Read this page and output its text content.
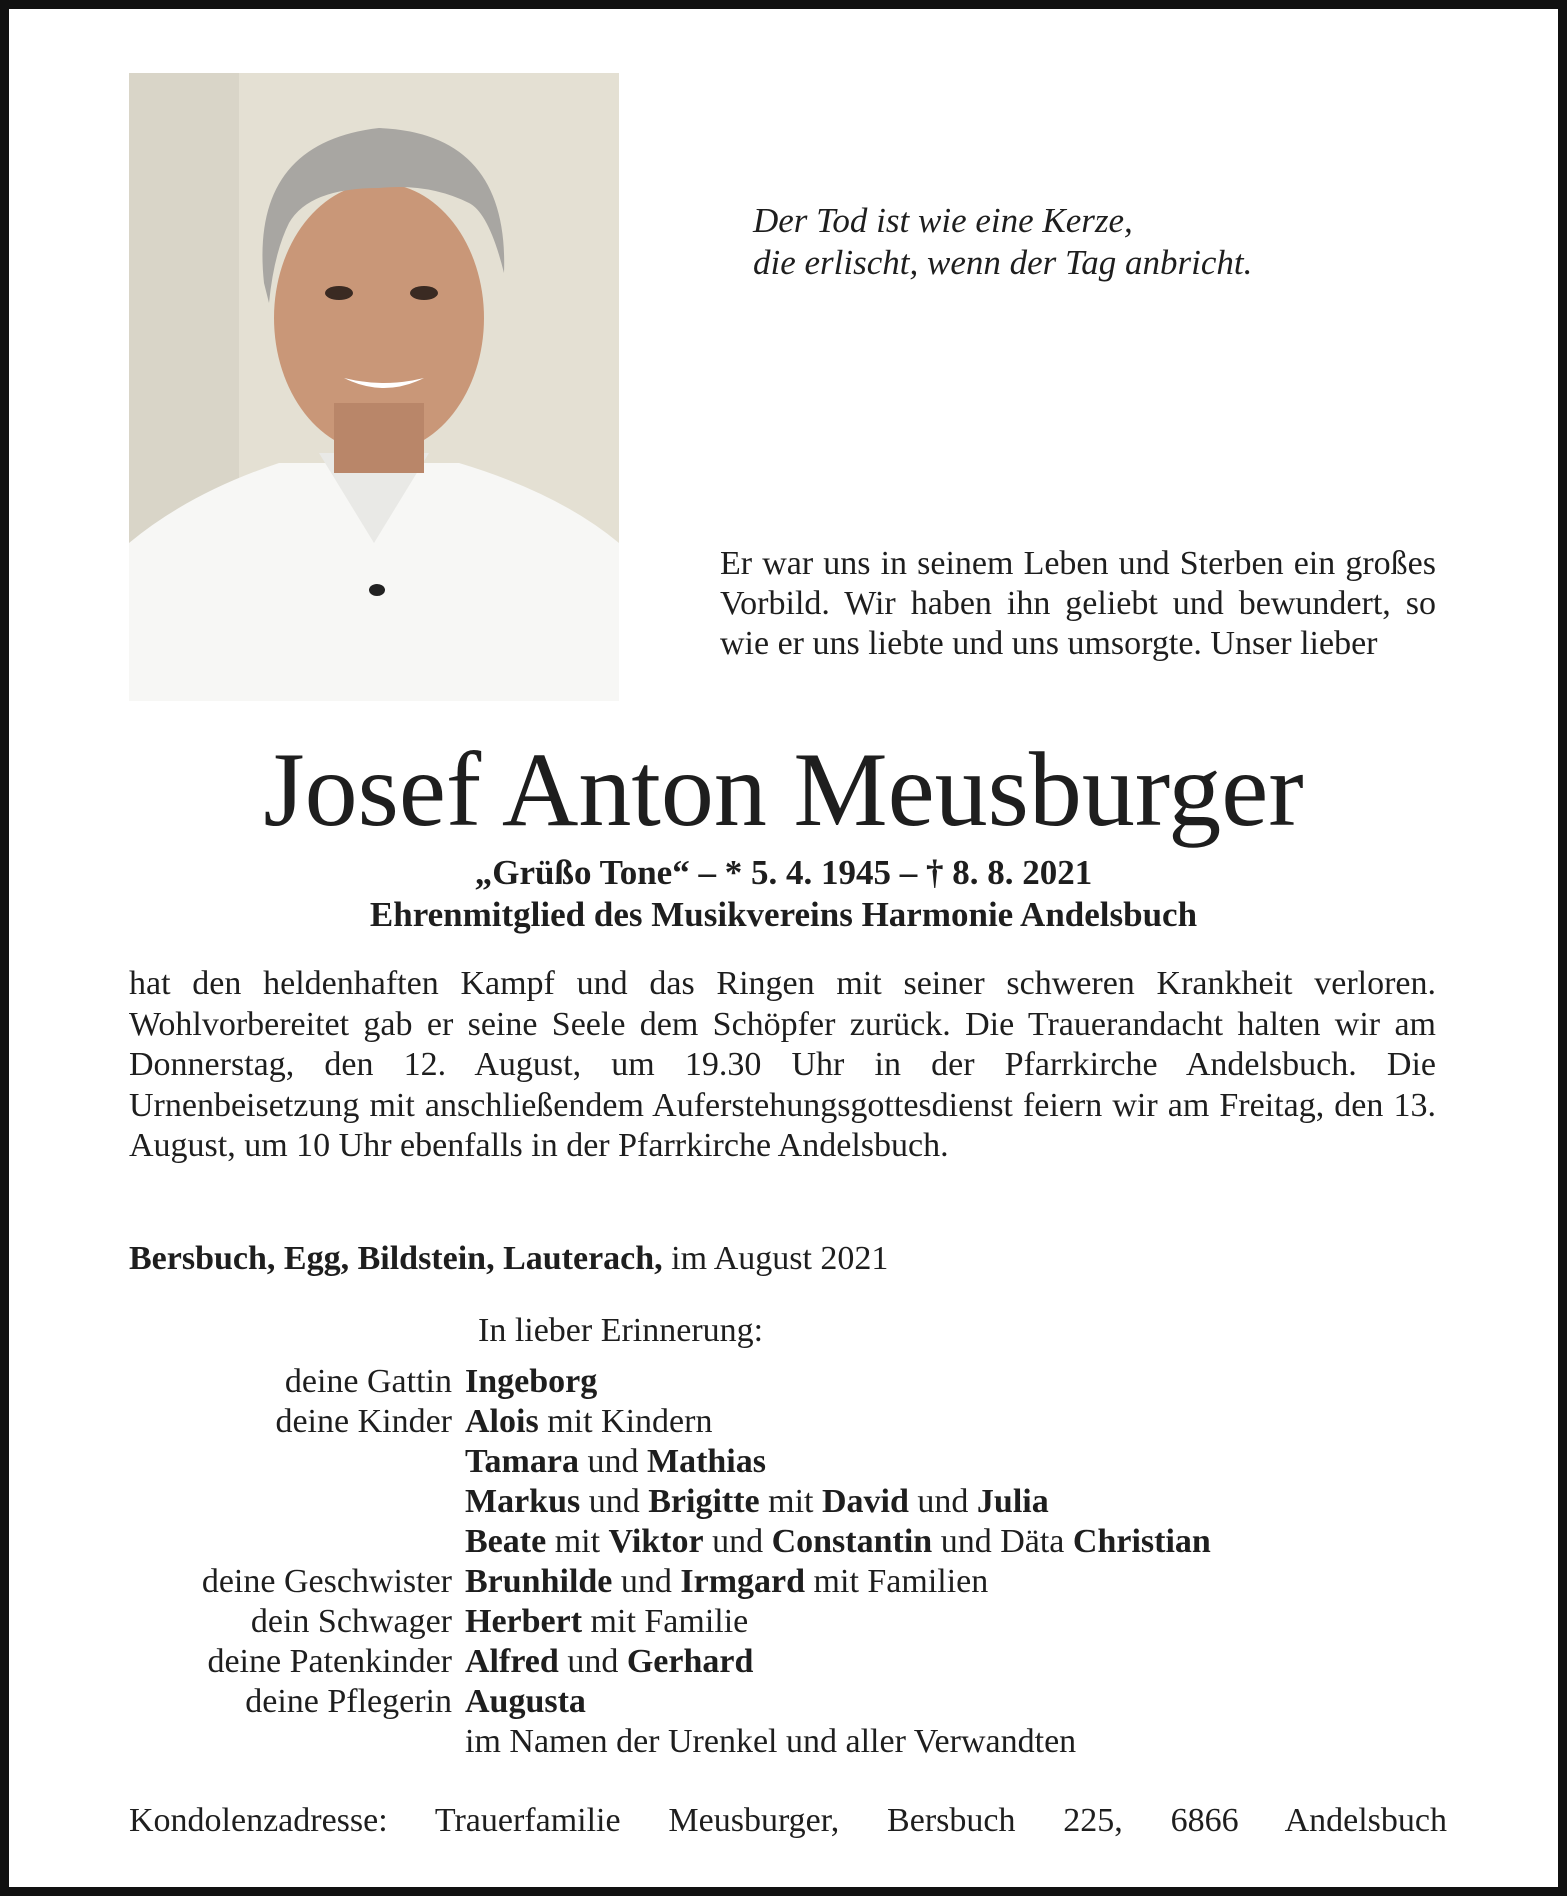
Der Tod ist wie eine Kerze,
die erlischt, wenn der Tag anbricht.
Er war uns in seinem Leben und Sterben ein großes Vorbild. Wir haben ihn geliebt und bewundert, so wie er uns liebte und uns umsorgte. Unser lieber
Josef Anton Meusburger
„Grüßo Tone“ – * 5. 4. 1945 – † 8. 8. 2021
Ehrenmitglied des Musikvereins Harmonie Andelsbuch
hat den heldenhaften Kampf und das Ringen mit seiner schweren Krankheit verloren. Wohlvorbereitet gab er seine Seele dem Schöpfer zurück. Die Trauerandacht halten wir am Donnerstag, den 12. August, um 19.30 Uhr in der Pfarrkirche Andelsbuch. Die Urnenbeisetzung mit anschließendem Auferstehungsgottesdienst feiern wir am Freitag, den 13. August, um 10 Uhr ebenfalls in der Pfarrkirche Andelsbuch.
Bersbuch, Egg, Bildstein, Lauterach, im August 2021
In lieber Erinnerung:
deine Gattin Ingeborg
deine Kinder Alois mit Kindern
Tamara und Mathias
Markus und Brigitte mit David und Julia
Beate mit Viktor und Constantin und Däta Christian
deine Geschwister Brunhilde und Irmgard mit Familien
dein Schwager Herbert mit Familie
deine Patenkinder Alfred und Gerhard
deine Pflegerin Augusta
im Namen der Urenkel und aller Verwandten
Kondolenzadresse: Trauerfamilie Meusburger, Bersbuch 225, 6866 Andelsbuch
